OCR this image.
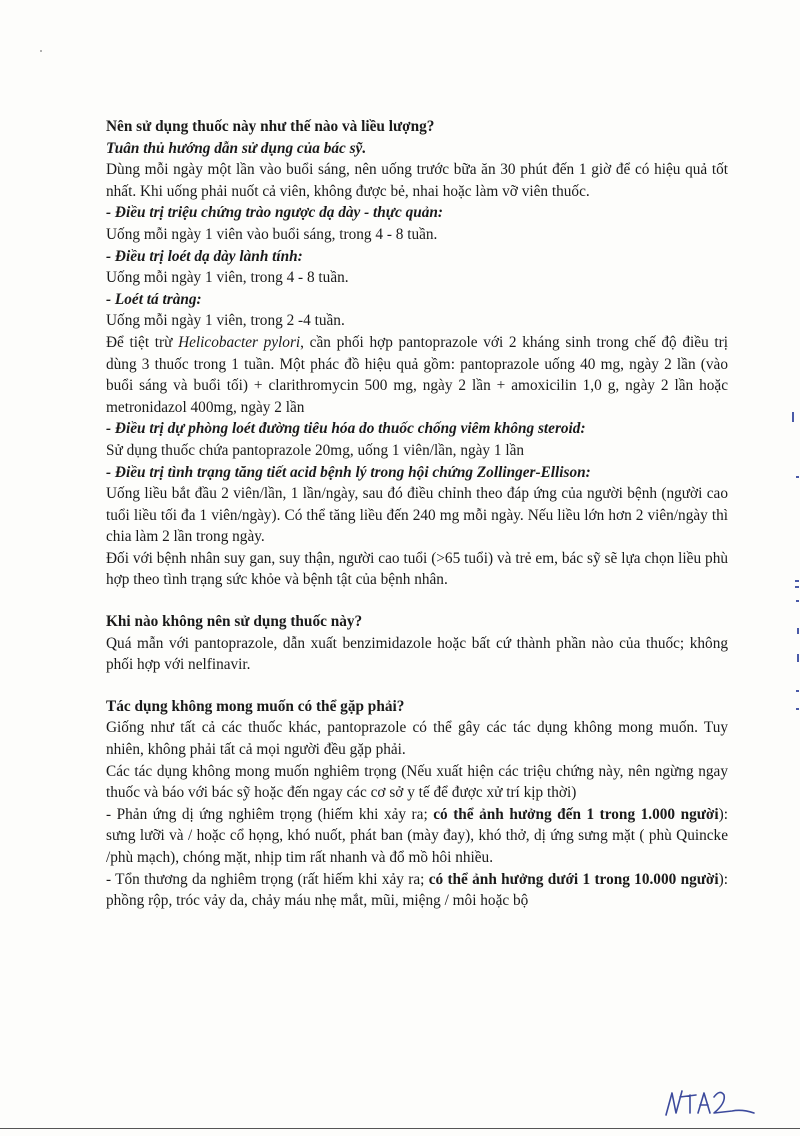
Nên sử dụng thuốc này như thế nào và liều lượng?

Tuân thủ hướng dẫn sử dụng của bác sỹ.

Dùng mỗi ngày một lần vào buổi sáng, nên uống trước bữa ăn 30 phút đến 1 giờ để có hiệu quả tốt nhất. Khi uống phải nuốt cả viên, không được bẻ, nhai hoặc làm vỡ viên thuốc.

- Điều trị triệu chứng trào ngược dạ dày - thực quản:

Uống mỗi ngày 1 viên vào buổi sáng, trong 4 - 8 tuần.

- Điều trị loét dạ dày lành tính:

Uống mỗi ngày 1 viên, trong 4 - 8 tuần.

- Loét tá tràng:

Uống mỗi ngày 1 viên, trong 2 -4 tuần.

Để tiệt trừ Helicobacter pylori, cần phối hợp pantoprazole với 2 kháng sinh trong chế độ điều trị dùng 3 thuốc trong 1 tuần. Một phác đồ hiệu quả gồm: pantoprazole uống 40 mg, ngày 2 lần (vào buổi sáng và buổi tối) + clarithromycin 500 mg, ngày 2 lần + amoxicilin 1,0 g, ngày 2 lần hoặc metronidazol 400mg, ngày 2 lần

- Điều trị dự phòng loét đường tiêu hóa do thuốc chống viêm không steroid:

Sử dụng thuốc chứa pantoprazole 20mg, uống 1 viên/lần, ngày 1 lần

- Điều trị tình trạng tăng tiết acid bệnh lý trong hội chứng Zollinger-Ellison:

Uống liều bắt đầu 2 viên/lần, 1 lần/ngày, sau đó điều chỉnh theo đáp ứng của người bệnh (người cao tuổi liều tối đa 1 viên/ngày). Có thể tăng liều đến 240 mg mỗi ngày. Nếu liều lớn hơn 2 viên/ngày thì chia làm 2 lần trong ngày.

Đối với bệnh nhân suy gan, suy thận, người cao tuổi (>65 tuổi) và trẻ em, bác sỹ sẽ lựa chọn liều phù hợp theo tình trạng sức khỏe và bệnh tật của bệnh nhân.

Khi nào không nên sử dụng thuốc này?

Quá mẫn với pantoprazole, dẫn xuất benzimidazole hoặc bất cứ thành phần nào của thuốc; không phối hợp với nelfinavir.

Tác dụng không mong muốn có thể gặp phải?

Giống như tất cả các thuốc khác, pantoprazole có thể gây các tác dụng không mong muốn. Tuy nhiên, không phải tất cả mọi người đều gặp phải.

Các tác dụng không mong muốn nghiêm trọng (Nếu xuất hiện các triệu chứng này, nên ngừng ngay thuốc và báo với bác sỹ hoặc đến ngay các cơ sở y tế để được xử trí kịp thời)

- Phản ứng dị ứng nghiêm trọng (hiếm khi xảy ra; có thể ảnh hưởng đến 1 trong 1.000 người): sưng lưỡi và / hoặc cổ họng, khó nuốt, phát ban (mày đay), khó thở, dị ứng sưng mặt ( phù Quincke /phù mạch), chóng mặt, nhịp tim rất nhanh và đổ mồ hôi nhiều.

- Tổn thương da nghiêm trọng (rất hiếm khi xảy ra; có thể ảnh hưởng dưới 1 trong 10.000 người): phồng rộp, tróc vảy da, chảy máu nhẹ mắt, mũi, miệng / môi hoặc bộ

NTA2
